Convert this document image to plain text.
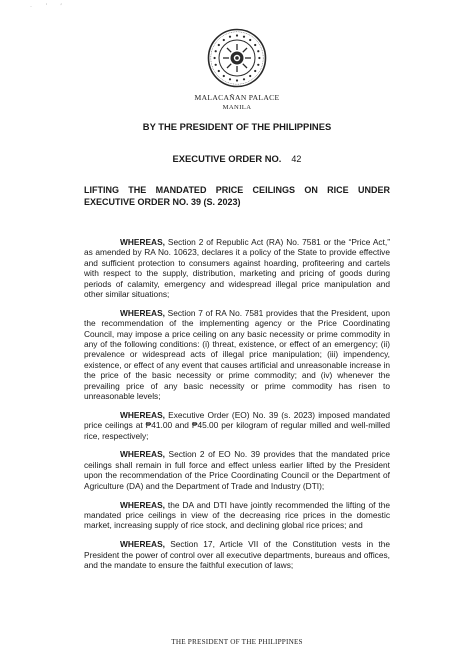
· ’ ′
MALACAÑAN PALACE
MANILA
BY THE PRESIDENT OF THE PHILIPPINES
EXECUTIVE ORDER NO. 42
LIFTING THE MANDATED PRICE CEILINGS ON RICE UNDER EXECUTIVE ORDER NO. 39 (S. 2023)

WHEREAS, Section 2 of Republic Act (RA) No. 7581 or the “Price Act,” as amended by RA No. 10623, declares it a policy of the State to provide effective and sufficient protection to consumers against hoarding, profiteering and cartels with respect to the supply, distribution, marketing and pricing of goods during periods of calamity, emergency and widespread illegal price manipulation and other similar situations;

WHEREAS, Section 7 of RA No. 7581 provides that the President, upon the recommendation of the implementing agency or the Price Coordinating Council, may impose a price ceiling on any basic necessity or prime commodity in any of the following conditions: (i) threat, existence, or effect of an emergency; (ii) prevalence or widespread acts of illegal price manipulation; (iii) impendency, existence, or effect of any event that causes artificial and unreasonable increase in the price of the basic necessity or prime commodity; and (iv) whenever the prevailing price of any basic necessity or prime commodity has risen to unreasonable levels;

WHEREAS, Executive Order (EO) No. 39 (s. 2023) imposed mandated price ceilings at ₱41.00 and ₱45.00 per kilogram of regular milled and well-milled rice, respectively;

WHEREAS, Section 2 of EO No. 39 provides that the mandated price ceilings shall remain in full force and effect unless earlier lifted by the President upon the recommendation of the Price Coordinating Council or the Department of Agriculture (DA) and the Department of Trade and Industry (DTI);

WHEREAS, the DA and DTI have jointly recommended the lifting of the mandated price ceilings in view of the decreasing rice prices in the domestic market, increasing supply of rice stock, and declining global rice prices; and

WHEREAS, Section 17, Article VII of the Constitution vests in the President the power of control over all executive departments, bureaus and offices, and the mandate to ensure the faithful execution of laws;

THE PRESIDENT OF THE PHILIPPINES
